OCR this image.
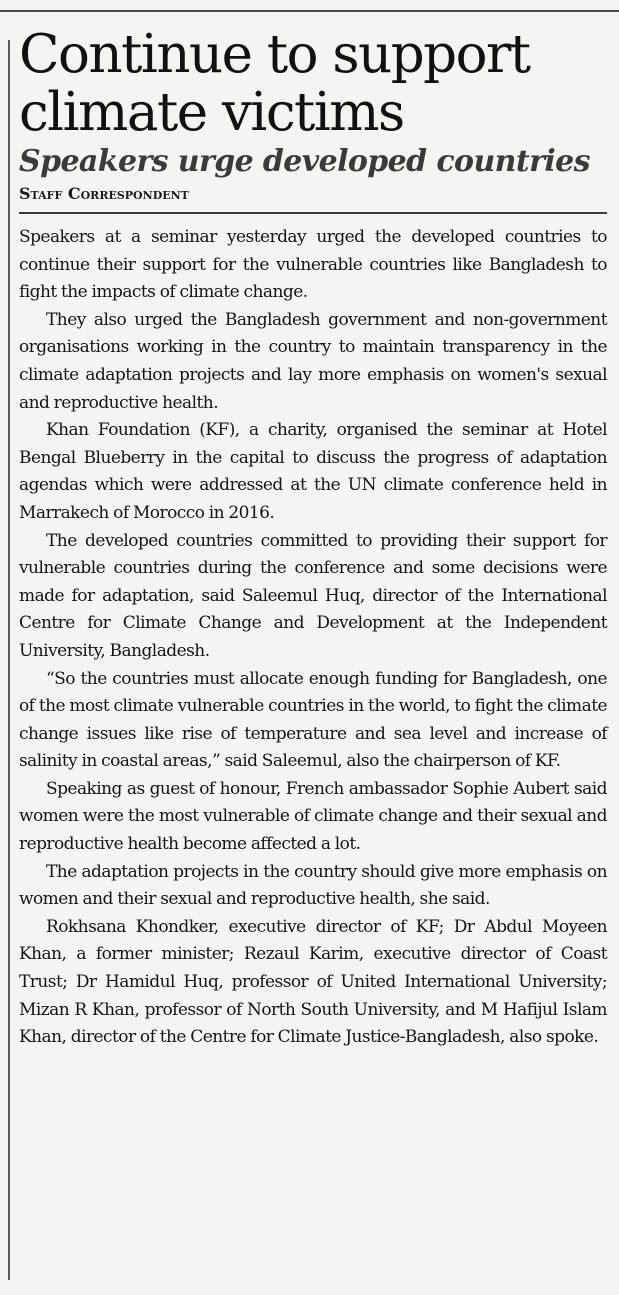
Continue to support climate victims
Speakers urge developed countries
Staff Correspondent

Speakers at a seminar yesterday urged the developed countries to continue their support for the vulnerable countries like Bangladesh to fight the impacts of climate change.

They also urged the Bangladesh government and non-government organisations working in the country to maintain transparency in the climate adaptation projects and lay more emphasis on women's sexual and reproductive health.

Khan Foundation (KF), a charity, organised the seminar at Hotel Bengal Blueberry in the capital to discuss the progress of adaptation agendas which were addressed at the UN climate conference held in Marrakech of Morocco in 2016.

The developed countries committed to providing their support for vulnerable countries during the conference and some decisions were made for adaptation, said Saleemul Huq, director of the International Centre for Climate Change and Development at the Independent University, Bangladesh.

“So the countries must allocate enough funding for Bangladesh, one of the most climate vulnerable countries in the world, to fight the climate change issues like rise of temperature and sea level and increase of salinity in coastal areas,” said Saleemul, also the chairperson of KF.

Speaking as guest of honour, French ambassador Sophie Aubert said women were the most vulnerable of climate change and their sexual and reproductive health become affected a lot.

The adaptation projects in the country should give more emphasis on women and their sexual and reproductive health, she said.

Rokhsana Khondker, executive director of KF; Dr Abdul Moyeen Khan, a former minister; Rezaul Karim, executive director of Coast Trust; Dr Hamidul Huq, professor of United International University; Mizan R Khan, professor of North South University, and M Hafijul Islam Khan, director of the Centre for Climate Justice-Bangladesh, also spoke.
